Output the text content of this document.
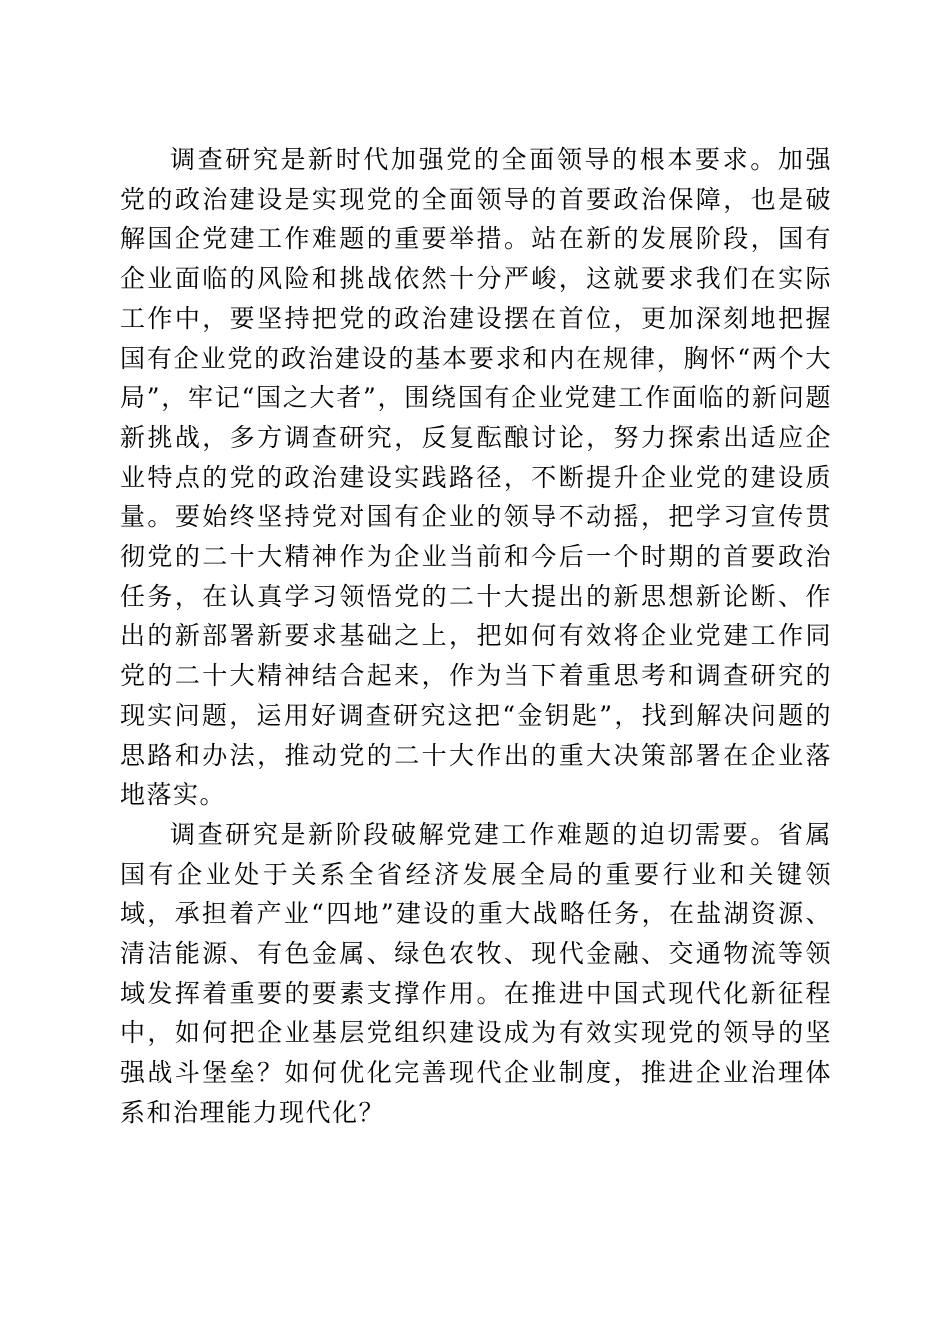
调查研究是新时代加强党的全面领导的根本要求。加强党的政治建设是实现党的全面领导的首要政治保障，也是破解国企党建工作难题的重要举措。站在新的发展阶段，国有企业面临的风险和挑战依然十分严峻，这就要求我们在实际工作中，要坚持把党的政治建设摆在首位，更加深刻地把握国有企业党的政治建设的基本要求和内在规律，胸怀“两个大局”，牢记“国之大者”，围绕国有企业党建工作面临的新问题新挑战，多方调查研究，反复酝酿讨论，努力探索出适应企业特点的党的政治建设实践路径，不断提升企业党的建设质量。要始终坚持党对国有企业的领导不动摇，把学习宣传贯彻党的二十大精神作为企业当前和今后一个时期的首要政治任务，在认真学习领悟党的二十大提出的新思想新论断、作出的新部署新要求基础之上，把如何有效将企业党建工作同党的二十大精神结合起来，作为当下着重思考和调查研究的现实问题，运用好调查研究这把“金钥匙”，找到解决问题的思路和办法，推动党的二十大作出的重大决策部署在企业落地落实。

调查研究是新阶段破解党建工作难题的迫切需要。省属国有企业处于关系全省经济发展全局的重要行业和关键领域，承担着产业“四地”建设的重大战略任务，在盐湖资源、清洁能源、有色金属、绿色农牧、现代金融、交通物流等领域发挥着重要的要素支撑作用。在推进中国式现代化新征程中，如何把企业基层党组织建设成为有效实现党的领导的坚强战斗堡垒？如何优化完善现代企业制度，推进企业治理体系和治理能力现代化？
